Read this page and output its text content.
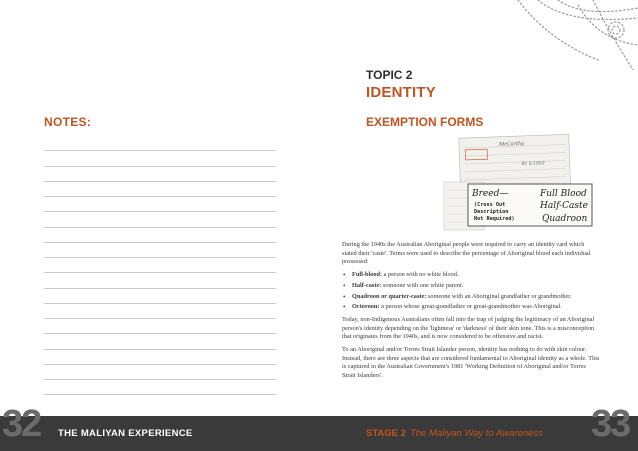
NOTES:
TOPIC 2
IDENTITY
EXEMPTION FORMS
McCarthy
81 5-1953
Breed—
(Cross Out
Description
Not Required)
Full Blood
Half-Caste
Quadroon

During the 1940s the Australian Aboriginal people were required to carry an identity card which stated their 'caste'. Terms were used to describe the percentage of Aboriginal blood each individual possessed:

• Full-blood: a person with no white blood.
• Half-caste: someone with one white parent.
• Quadroon or quarter-caste: someone with an Aboriginal grandfather or grandmother.
• Octoroon: a person whose great-grandfather or great-grandmother was Aboriginal.

Today, non-Indigenous Australians often fall into the trap of judging the legitimacy of an Aboriginal person's identity depending on the 'lightness' or 'darkness' of their skin tone. This is a misconception that originates from the 1940s, and is now considered to be offensive and racist.

To an Aboriginal and/or Torres Strait Islander person, identity has nothing to do with skin colour. Instead, there are three aspects that are considered fundamental to Aboriginal identity as a whole. This is captured in the Australian Government's 1981 'Working Definition of Aboriginal and/or Torres Strait Islanders'.

32 THE MALIYAN EXPERIENCE	STAGE 2 The Maliyan Way to Awareness 33
